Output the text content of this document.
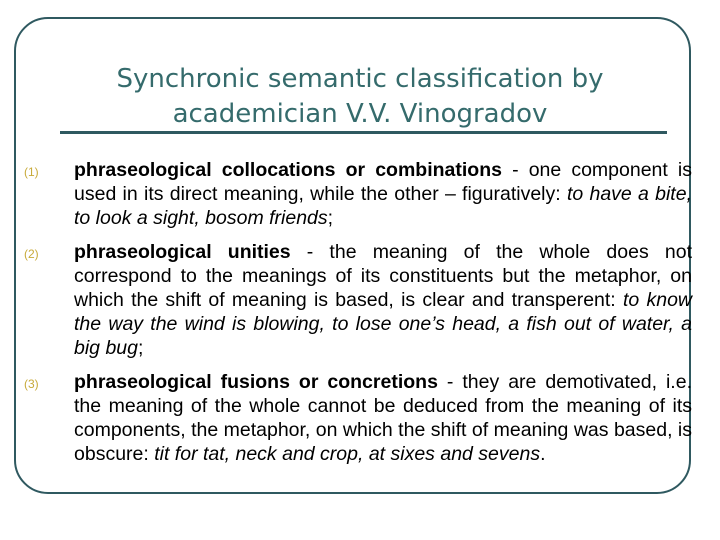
Synchronic semantic classification by academician V.V. Vinogradov
(1)	phraseological collocations or combinations - one component is used in its direct meaning, while the other – figuratively: to have a bite, to look a sight, bosom friends;
(2)	phraseological unities - the meaning of the whole does not correspond to the meanings of its constituents but the metaphor, on which the shift of meaning is based, is clear and transperent: to know the way the wind is blowing, to lose one’s head, a fish out of water, a big bug;
(3)	phraseological fusions or concretions - they are demotivated, i.e. the meaning of the whole cannot be deduced from the meaning of its components, the metaphor, on which the shift of meaning was based, is obscure: tit for tat, neck and crop, at sixes and sevens.
